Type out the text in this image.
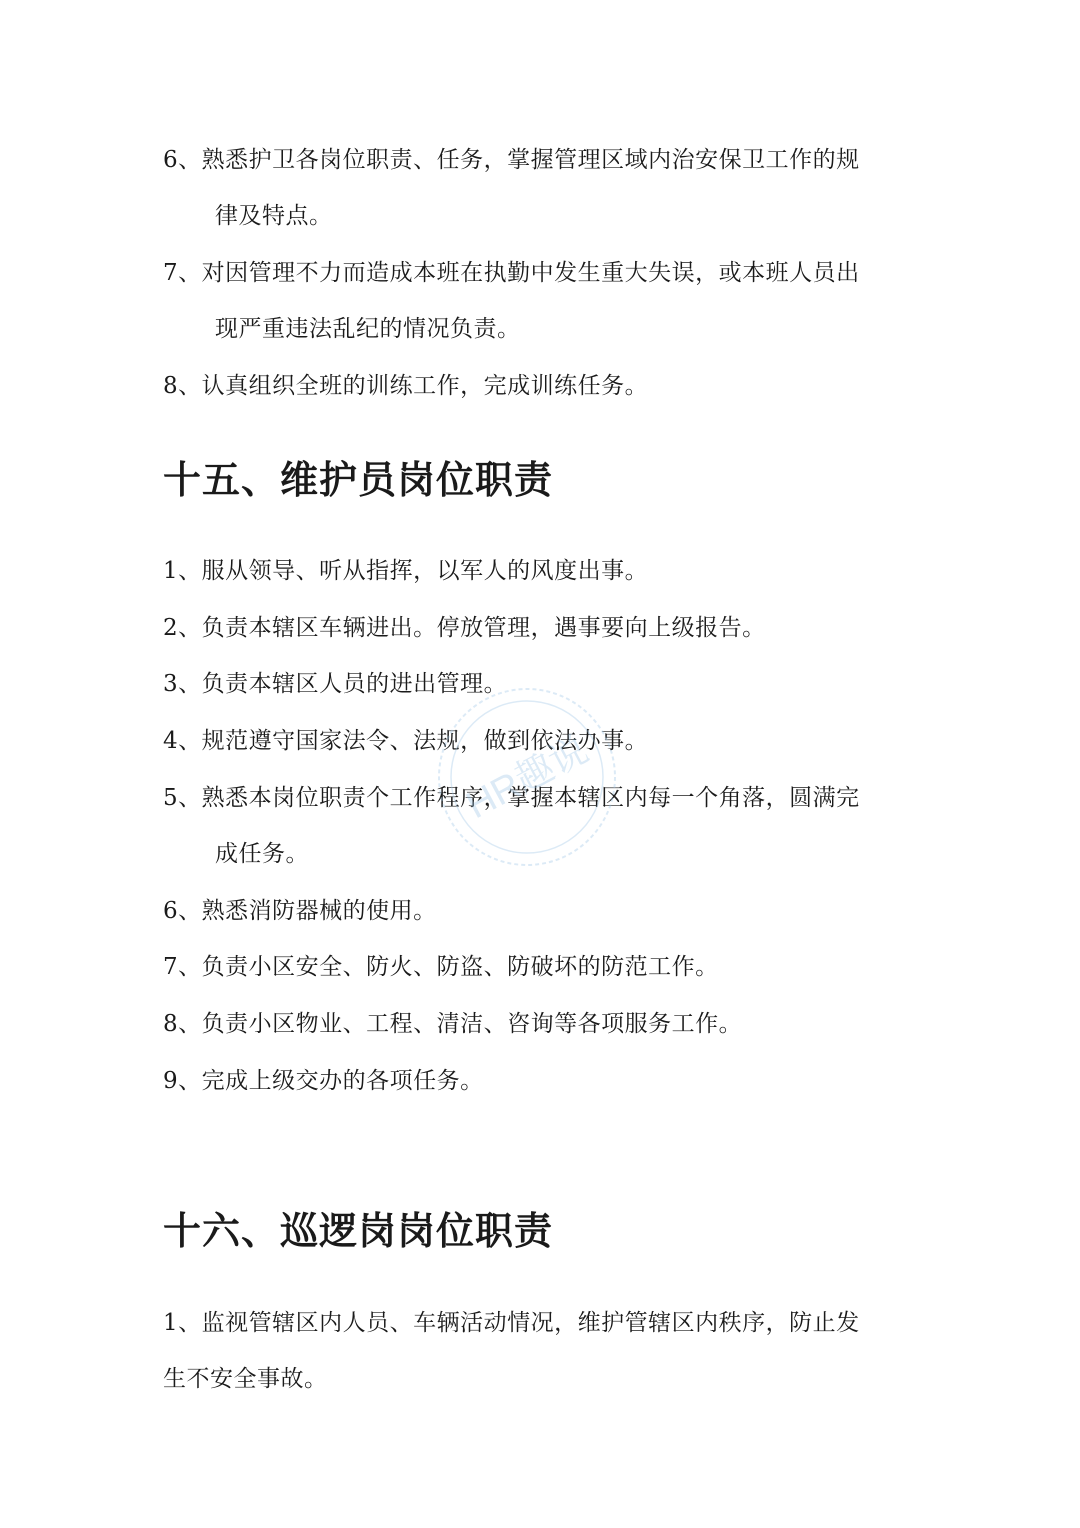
6、熟悉护卫各岗位职责、任务，掌握管理区域内治安保卫工作的规
律及特点。
7、对因管理不力而造成本班在执勤中发生重大失误，或本班人员出
现严重违法乱纪的情况负责。
8、认真组织全班的训练工作，完成训练任务。
十五、维护员岗位职责
1、服从领导、听从指挥，以军人的风度出事。
2、负责本辖区车辆进出。停放管理，遇事要向上级报告。
3、负责本辖区人员的进出管理。
4、规范遵守国家法令、法规，做到依法办事。
5、熟悉本岗位职责个工作程序，掌握本辖区内每一个角落，圆满完
成任务。
6、熟悉消防器械的使用。
7、负责小区安全、防火、防盗、防破坏的防范工作。
8、负责小区物业、工程、清洁、咨询等各项服务工作。
9、完成上级交办的各项任务。
十六、巡逻岗岗位职责
1、监视管辖区内人员、车辆活动情况，维护管辖区内秩序，防止发
生不安全事故。
HR趣说
